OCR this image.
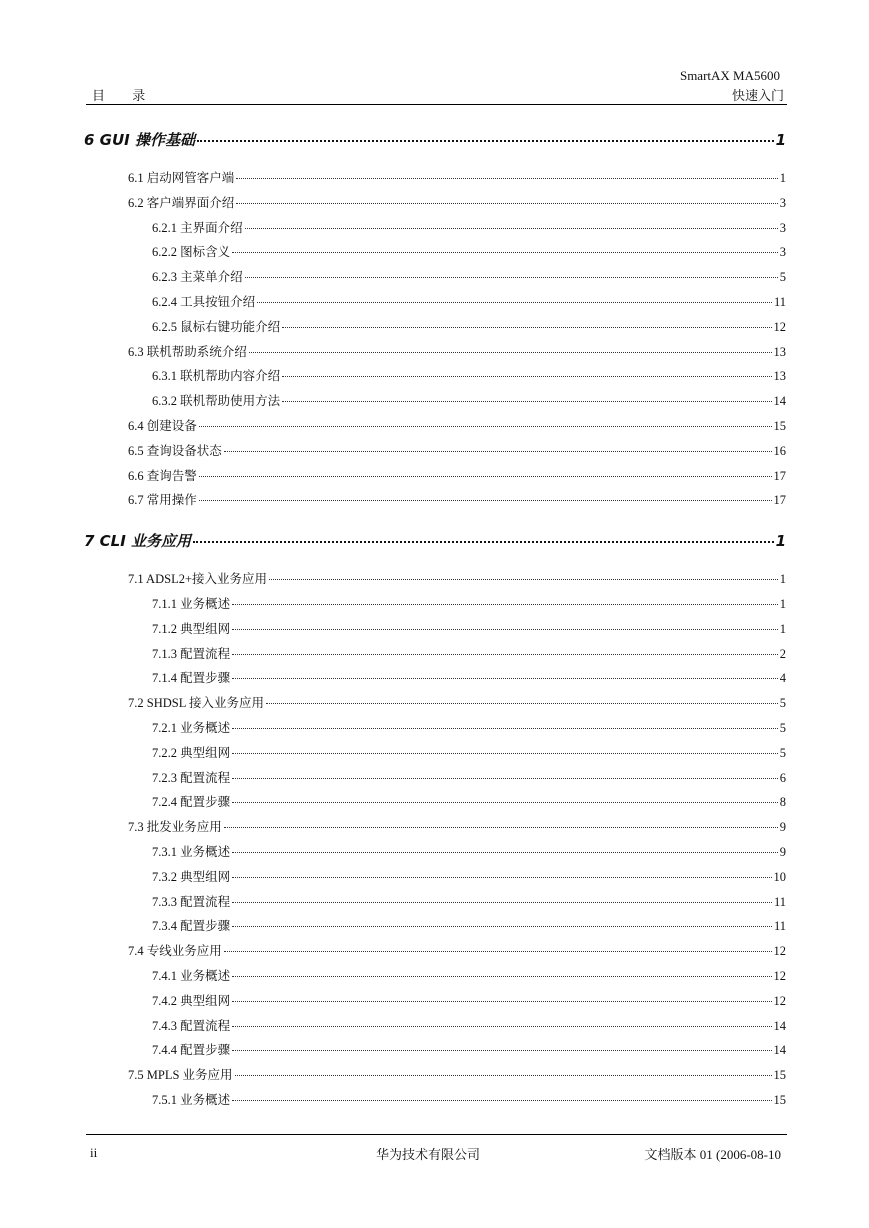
SmartAX MA5600
目 录	快速入门
6 GUI 操作基础	1
6.1 启动网管客户端	1
6.2 客户端界面介绍	3
6.2.1 主界面介绍	3
6.2.2 图标含义	3
6.2.3 主菜单介绍	5
6.2.4 工具按钮介绍	11
6.2.5 鼠标右键功能介绍	12
6.3 联机帮助系统介绍	13
6.3.1 联机帮助内容介绍	13
6.3.2 联机帮助使用方法	14
6.4 创建设备	15
6.5 查询设备状态	16
6.6 查询告警	17
6.7 常用操作	17
7 CLI 业务应用	1
7.1 ADSL2+接入业务应用	1
7.1.1 业务概述	1
7.1.2 典型组网	1
7.1.3 配置流程	2
7.1.4 配置步骤	4
7.2 SHDSL 接入业务应用	5
7.2.1 业务概述	5
7.2.2 典型组网	5
7.2.3 配置流程	6
7.2.4 配置步骤	8
7.3 批发业务应用	9
7.3.1 业务概述	9
7.3.2 典型组网	10
7.3.3 配置流程	11
7.3.4 配置步骤	11
7.4 专线业务应用	12
7.4.1 业务概述	12
7.4.2 典型组网	12
7.4.3 配置流程	14
7.4.4 配置步骤	14
7.5 MPLS 业务应用	15
7.5.1 业务概述	15
ii	华为技术有限公司	文档版本 01 (2006-08-10
